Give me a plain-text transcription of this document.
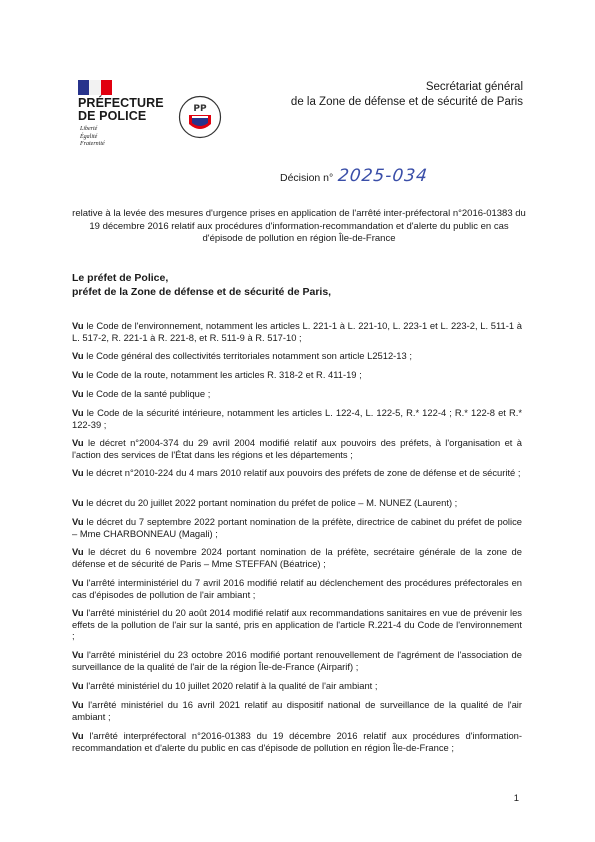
PRÉFECTURE
DE POLICE
Liberté
Égalité
Fraternité
PP
Secrétariat général
de la Zone de défense et de sécurité de Paris
Décision n° 2025-034
relative à la levée des mesures d'urgence prises en application de l'arrêté inter-préfectoral n°2016-01383 du 19 décembre 2016 relatif aux procédures d'information-recommandation et d'alerte du public en cas d'épisode de pollution en région Île-de-France
Le préfet de Police,
préfet de la Zone de défense et de sécurité de Paris,

Vu le Code de l'environnement, notamment les articles L. 221-1 à L. 221-10, L. 223-1 et L. 223-2, L. 511-1 à L. 517-2, R. 221-1 à R. 221-8, et R. 511-9 à R. 517-10 ;

Vu le Code général des collectivités territoriales notamment son article L2512-13 ;

Vu le Code de la route, notamment les articles R. 318-2 et R. 411-19 ;

Vu le Code de la santé publique ;

Vu le Code de la sécurité intérieure, notamment les articles L. 122-4, L. 122-5, R.* 122-4 ; R.* 122-8 et R.* 122-39 ;

Vu le décret n°2004-374 du 29 avril 2004 modifié relatif aux pouvoirs des préfets, à l'organisation et à l'action des services de l'État dans les régions et les départements ;

Vu le décret n°2010-224 du 4 mars 2010 relatif aux pouvoirs des préfets de zone de défense et de sécurité ;

Vu le décret du 20 juillet 2022 portant nomination du préfet de police – M. NUNEZ (Laurent) ;

Vu le décret du 7 septembre 2022 portant nomination de la préfète, directrice de cabinet du préfet de police – Mme CHARBONNEAU (Magali) ;

Vu le décret du 6 novembre 2024 portant nomination de la préfète, secrétaire générale de la zone de défense et de sécurité de Paris – Mme STEFFAN (Béatrice) ;

Vu l'arrêté interministériel du 7 avril 2016 modifié relatif au déclenchement des procédures préfectorales en cas d'épisodes de pollution de l'air ambiant ;

Vu l'arrêté ministériel du 20 août 2014 modifié relatif aux recommandations sanitaires en vue de prévenir les effets de la pollution de l'air sur la santé, pris en application de l'article R.221-4 du Code de l'environnement ;

Vu l'arrêté ministériel du 23 octobre 2016 modifié portant renouvellement de l'agrément de l'association de surveillance de la qualité de l'air de la région Île-de-France (Airparif) ;

Vu l'arrêté ministériel du 10 juillet 2020 relatif à la qualité de l'air ambiant ;

Vu l'arrêté ministériel du 16 avril 2021 relatif au dispositif national de surveillance de la qualité de l'air ambiant ;

Vu l'arrêté interpréfectoral n°2016-01383 du 19 décembre 2016 relatif aux procédures d'information-recommandation et d'alerte du public en cas d'épisode de pollution en région Île-de-France ;

1
